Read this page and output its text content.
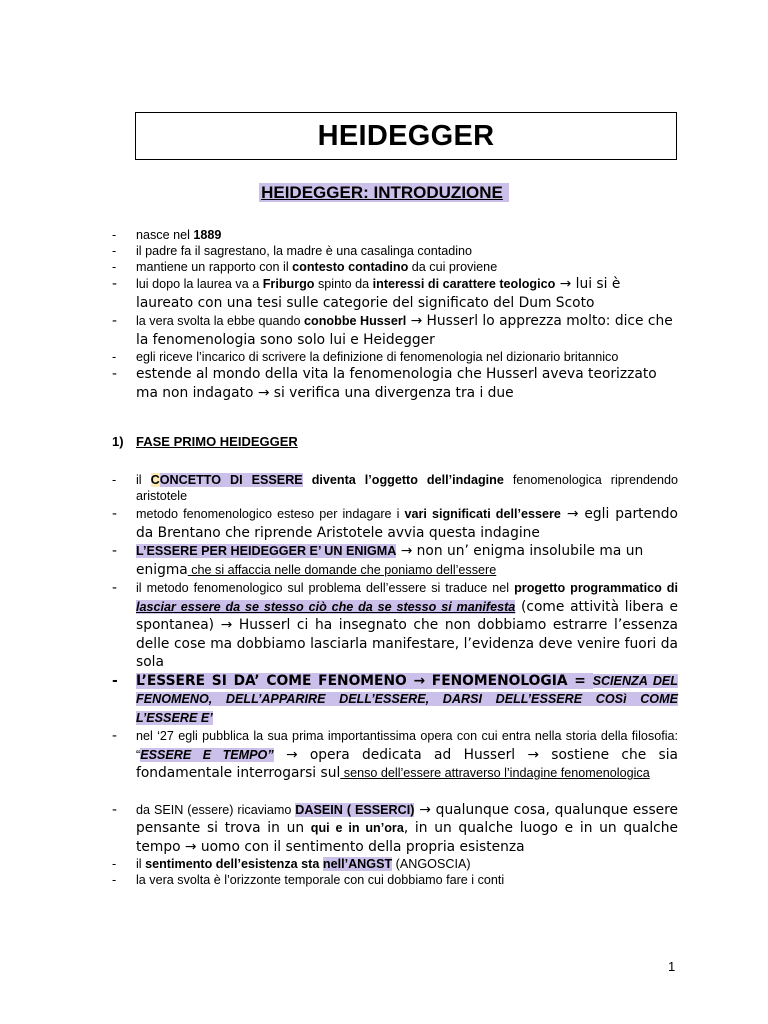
HEIDEGGER
HEIDEGGER: INTRODUZIONE
- nasce nel 1889
- il padre fa il sagrestano, la madre è una casalinga contadino
- mantiene un rapporto con il contesto contadino da cui proviene
- lui dopo la laurea va a Friburgo spinto da interessi di carattere teologico → lui si è laureato con una tesi sulle categorie del significato del Dum Scoto
- la vera svolta la ebbe quando conobbe Husserl → Husserl lo apprezza molto: dice che la fenomenologia sono solo lui e Heidegger
- egli riceve l’incarico di scrivere la definizione di fenomenologia nel dizionario britannico
- estende al mondo della vita la fenomenologia che Husserl aveva teorizzato ma non indagato → si verifica una divergenza tra i due
1) FASE PRIMO HEIDEGGER
- il CONCETTO DI ESSERE diventa l’oggetto dell’indagine fenomenologica riprendendo aristotele
- metodo fenomenologico esteso per indagare i vari significati dell’essere → egli partendo da Brentano che riprende Aristotele avvia questa indagine
- L’ESSERE PER HEIDEGGER E’ UN ENIGMA → non un’ enigma insolubile ma un enigma che si affaccia nelle domande che poniamo dell’essere
- il metodo fenomenologico sul problema dell’essere si traduce nel progetto programmatico di lasciar essere da se stesso ciò che da se stesso si manifesta (come attività libera e spontanea) → Husserl ci ha insegnato che non dobbiamo estrarre l’essenza delle cose ma dobbiamo lasciarla manifestare, l’evidenza deve venire fuori da sola
- L’ESSERE SI DA’ COME FENOMENO → FENOMENOLOGIA = SCIENZA DEL FENOMENO, DELL’APPARIRE DELL’ESSERE, DARSI DELL’ESSERE COSì COME L’ESSERE E’
- nel ‘27 egli pubblica la sua prima importantissima opera con cui entra nella storia della filosofia: “ESSERE E TEMPO” → opera dedicata ad Husserl → sostiene che sia fondamentale interrogarsi sul senso dell’essere attraverso l’indagine fenomenologica
- da SEIN (essere) ricaviamo DASEIN ( ESSERCI) → qualunque cosa, qualunque essere pensante si trova in un qui e in un’ora, in un qualche luogo e in un qualche tempo → uomo con il sentimento della propria esistenza
- il sentimento dell’esistenza sta nell’ANGST (ANGOSCIA)
- la vera svolta è l’orizzonte temporale con cui dobbiamo fare i conti
1
